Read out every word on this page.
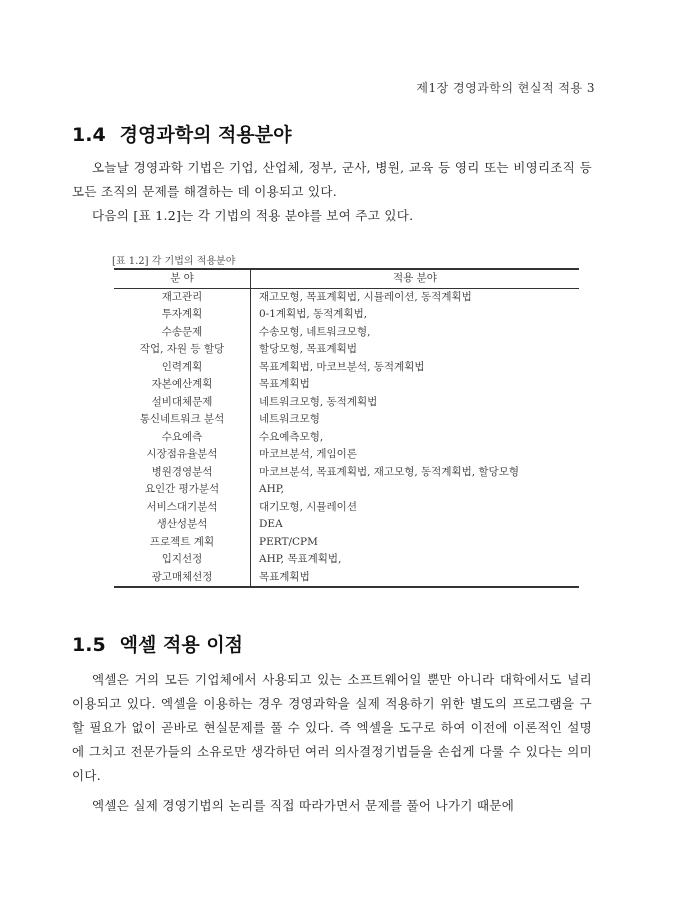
제1장 경영과학의 현실적 적용 3
1.4 경영과학의 적용분야

오늘날 경영과학 기법은 기업, 산업체, 정부, 군사, 병원, 교육 등 영리 또는 비영리조직 등 모든 조직의 문제를 해결하는 데 이용되고 있다.

다음의 [표 1.2]는 각 기법의 적용 분야를 보여 주고 있다.

[표 1.2] 각 기법의 적용분야
분 야	적용 분야
재고관리	재고모형, 목표계획법, 시뮬레이션, 동적계획법
투자계획	0-1계획법, 동적계획법,
수송문제	수송모형, 네트워크모형,
작업, 자원 등 할당	할당모형, 목표계획법
인력계획	목표계획법, 마코브분석, 동적계획법
자본예산계획	목표계획법
설비대체문제	네트워크모형, 동적계획법
통신네트워크 분석	네트워크모형
수요예측	수요예측모형,
시장점유율분석	마코브분석, 게임이론
병원경영분석	마코브분석, 목표계획법, 재고모형, 동적계획법, 할당모형
요인간 평가분석	AHP,
서비스대기분석	대기모형, 시뮬레이션
생산성분석	DEA
프로젝트 계획	PERT/CPM
입지선정	AHP, 목표계획법,
광고매체선정	목표계획법
1.5 엑셀 적용 이점

엑셀은 거의 모든 기업체에서 사용되고 있는 소프트웨어일 뿐만 아니라 대학에서도 널리 이용되고 있다. 엑셀을 이용하는 경우 경영과학을 실제 적용하기 위한 별도의 프로그램을 구할 필요가 없이 곧바로 현실문제를 풀 수 있다. 즉 엑셀을 도구로 하여 이전에 이론적인 설명에 그치고 전문가들의 소유로만 생각하던 여러 의사결정기법들을 손쉽게 다룰 수 있다는 의미이다.

엑셀은 실제 경영기법의 논리를 직접 따라가면서 문제를 풀어 나가기 때문에
